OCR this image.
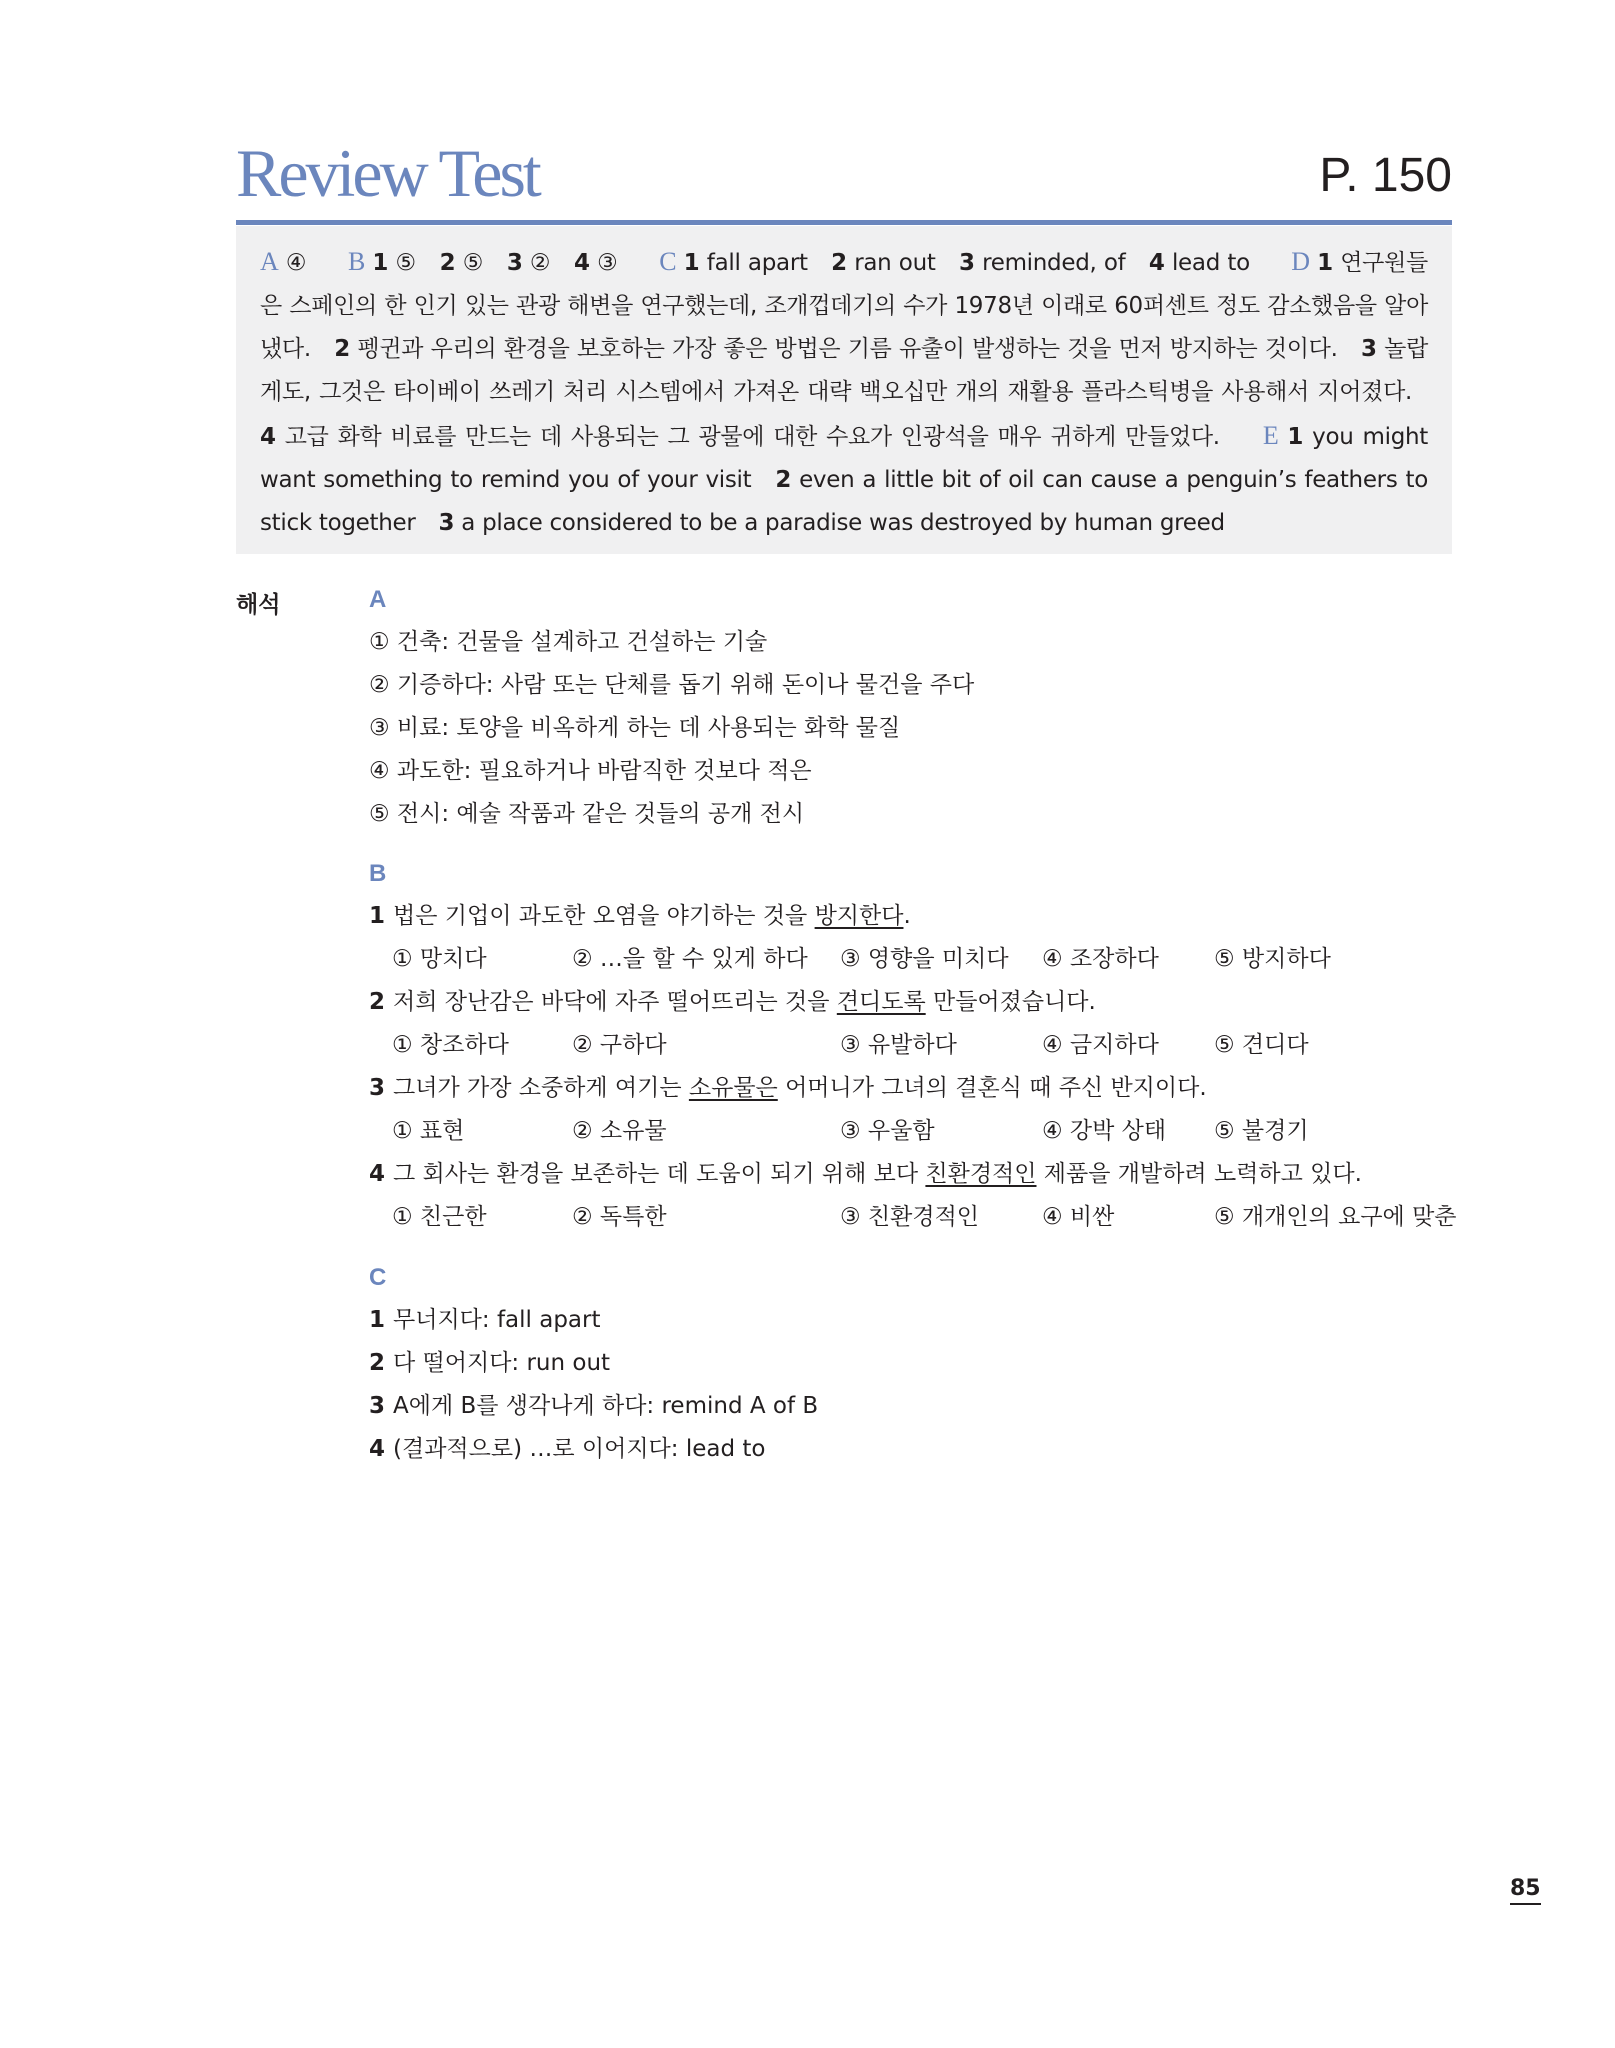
Review Test	P. 150
A ④ B 1 ⑤ 2 ⑤ 3 ② 4 ③ C 1 fall apart 2 ran out 3 reminded, of 4 lead to D 1 연구원들은 스페인의 한 인기 있는 관광 해변을 연구했는데, 조개껍데기의 수가 1978년 이래로 60퍼센트 정도 감소했음을 알아냈다. 2 펭귄과 우리의 환경을 보호하는 가장 좋은 방법은 기름 유출이 발생하는 것을 먼저 방지하는 것이다. 3 놀랍게도, 그것은 타이베이 쓰레기 처리 시스템에서 가져온 대략 백오십만 개의 재활용 플라스틱병을 사용해서 지어졌다. 4 고급 화학 비료를 만드는 데 사용되는 그 광물에 대한 수요가 인광석을 매우 귀하게 만들었다. E 1 you might want something to remind you of your visit 2 even a little bit of oil can cause a penguin’s feathers to stick together 3 a place considered to be a paradise was destroyed by human greed
해석	A
① 건축: 건물을 설계하고 건설하는 기술
② 기증하다: 사람 또는 단체를 돕기 위해 돈이나 물건을 주다
③ 비료: 토양을 비옥하게 하는 데 사용되는 화학 물질
④ 과도한: 필요하거나 바람직한 것보다 적은
⑤ 전시: 예술 작품과 같은 것들의 공개 전시
B
1 법은 기업이 과도한 오염을 야기하는 것을 방지한다.
① 망치다	② …을 할 수 있게 하다 ③ 영향을 미치다 ④ 조장하다 ⑤ 방지하다
2 저희 장난감은 바닥에 자주 떨어뜨리는 것을 견디도록 만들어졌습니다.
① 창조하다	② 구하다	③ 유발하다	④ 금지하다 ⑤ 견디다
3 그녀가 가장 소중하게 여기는 소유물은 어머니가 그녀의 결혼식 때 주신 반지이다.
① 표현	② 소유물	③ 우울함	④ 강박 상태 ⑤ 불경기
4 그 회사는 환경을 보존하는 데 도움이 되기 위해 보다 친환경적인 제품을 개발하려 노력하고 있다.
① 친근한	② 독특한	③ 친환경적인	④ 비싼	⑤ 개개인의 요구에 맞춘
C
1 무너지다: fall apart
2 다 떨어지다: run out
3 A에게 B를 생각나게 하다: remind A of B
4 (결과적으로) …로 이어지다: lead to
85
